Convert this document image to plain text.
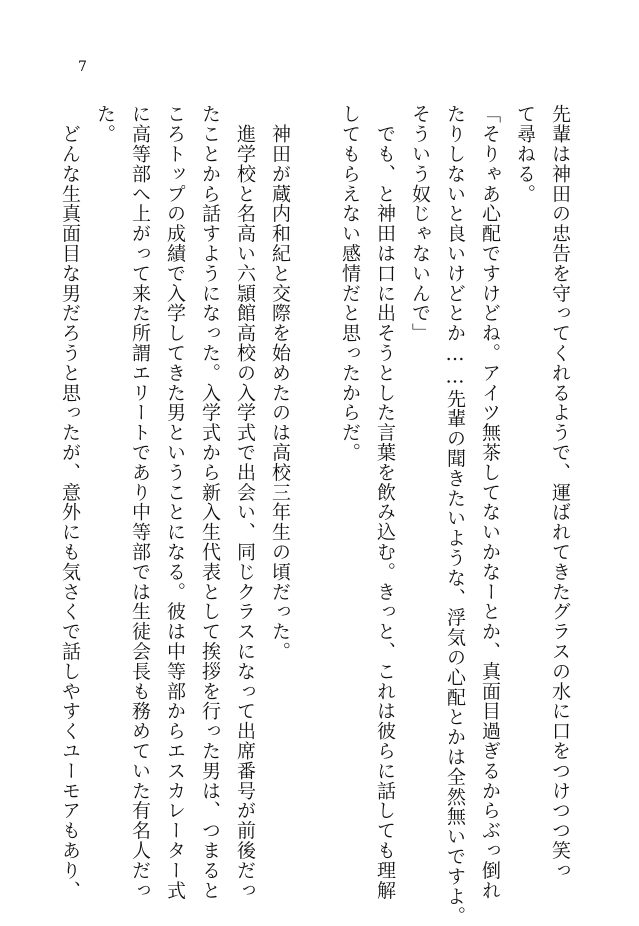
7
先輩は神田の忠告を守ってくれるようで、運ばれてきたグラスの水に口をつけつつ笑っ
て尋ねる。
「そりゃあ心配ですけどね。アイツ無茶してないかなーとか、真面目過ぎるからぶっ倒れ
たりしないと良いけどとか……先輩の聞きたいような、浮気の心配とかは全然無いですよ。
そういう奴じゃないんで」
　でも、と神田は口に出そうとした言葉を飲み込む。きっと、これは彼らに話しても理解
してもらえない感情だと思ったからだ。
　神田が蔵内和紀と交際を始めたのは高校三年生の頃だった。
　進学校と名高い六頴館高校の入学式で出会い、同じクラスになって出席番号が前後だっ
たことから話すようになった。入学式から新入生代表として挨拶を行った男は、つまると
ころトップの成績で入学してきた男ということになる。彼は中等部からエスカレーター式
に高等部へ上がって来た所謂エリートであり中等部では生徒会長も務めていた有名人だっ
た。
　どんな生真面目な男だろうと思ったが、意外にも気さくで話しやすくユーモアもあり、
